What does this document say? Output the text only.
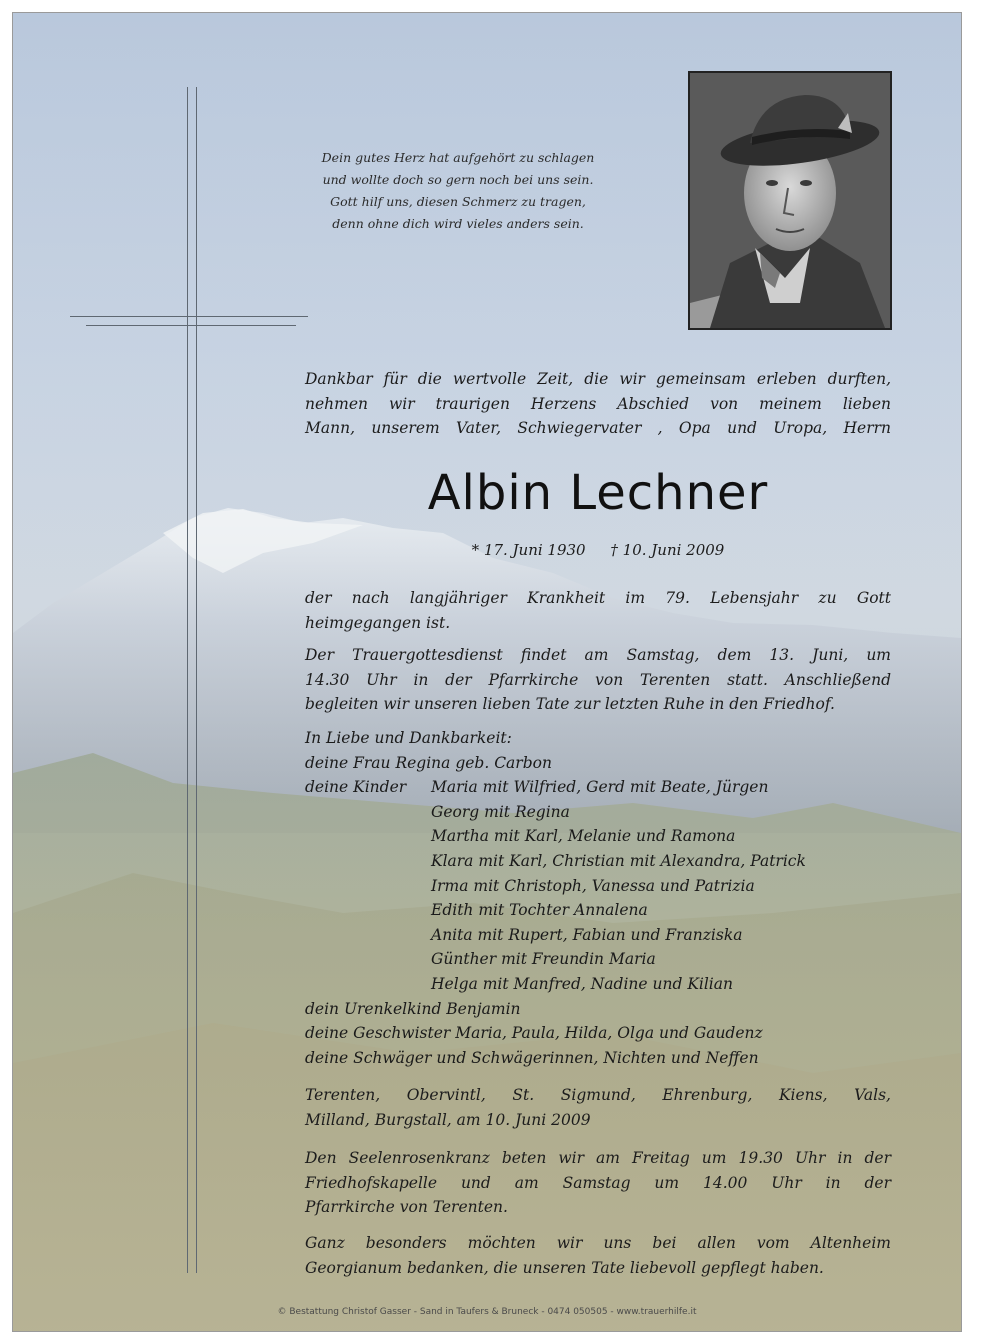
Dein gutes Herz hat aufgehört zu schlagen
und wollte doch so gern noch bei uns sein.
Gott hilf uns, diesen Schmerz zu tragen,
denn ohne dich wird vieles anders sein.
Dankbar für die wertvolle Zeit, die wir gemeinsam erleben durften,
nehmen wir traurigen Herzens Abschied von meinem lieben
Mann, unserem Vater, Schwiegervater , Opa und Uropa, Herrn
Albin Lechner
* 17. Juni 1930 † 10. Juni 2009
der nach langjähriger Krankheit im 79. Lebensjahr zu Gott
heimgegangen ist.
Der Trauergottesdienst findet am Samstag, dem 13. Juni, um
14.30 Uhr in der Pfarrkirche von Terenten statt. Anschließend
begleiten wir unseren lieben Tate zur letzten Ruhe in den Friedhof.
In Liebe und Dankbarkeit:
deine Frau Regina geb. Carbon
deine Kinder	Maria mit Wilfried, Gerd mit Beate, Jürgen
Georg mit Regina
Martha mit Karl, Melanie und Ramona
Klara mit Karl, Christian mit Alexandra, Patrick
Irma mit Christoph, Vanessa und Patrizia
Edith mit Tochter Annalena
Anita mit Rupert, Fabian und Franziska
Günther mit Freundin Maria
Helga mit Manfred, Nadine und Kilian
dein Urenkelkind Benjamin
deine Geschwister Maria, Paula, Hilda, Olga und Gaudenz
deine Schwäger und Schwägerinnen, Nichten und Neffen
Terenten, Obervintl, St. Sigmund, Ehrenburg, Kiens, Vals,
Milland, Burgstall, am 10. Juni 2009
Den Seelenrosenkranz beten wir am Freitag um 19.30 Uhr in der
Friedhofskapelle und am Samstag um 14.00 Uhr in der
Pfarrkirche von Terenten.
Ganz besonders möchten wir uns bei allen vom Altenheim
Georgianum bedanken, die unseren Tate liebevoll gepflegt haben.
© Bestattung Christof Gasser - Sand in Taufers & Bruneck - 0474 050505 - www.trauerhilfe.it
